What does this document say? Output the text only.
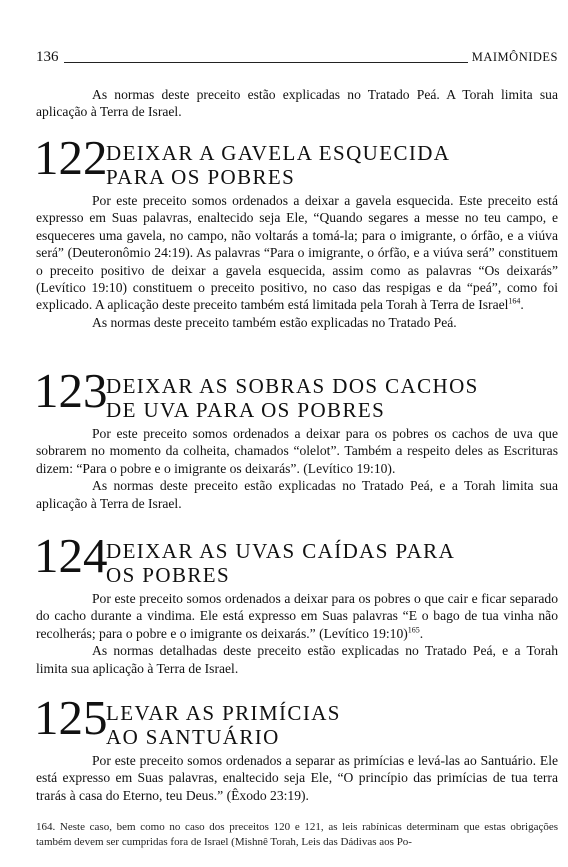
136	MAIMÔNIDES

As normas deste preceito estão explicadas no Tratado Peá. A Torah limita sua aplicação à Terra de Israel.

122
DEIXAR A GAVELA ESQUECIDA
PARA OS POBRES

Por este preceito somos ordenados a deixar a gavela esquecida. Este preceito está expresso em Suas palavras, enaltecido seja Ele, “Quando segares a messe no teu campo, e esqueceres uma gavela, no campo, não voltarás a tomá-la; para o imigrante, o órfão, e a viúva será” (Deuteronômio 24:19). As palavras “Para o imigrante, o órfão, e a viúva será” constituem o preceito positivo de deixar a gavela esquecida, assim como as palavras “Os deixarás” (Levítico 19:10) constituem o preceito positivo, no caso das respigas e da “peá”, como foi explicado. A aplicação deste preceito também está limitada pela Torah à Terra de Israel$^{164}$.

As normas deste preceito também estão explicadas no Tratado Peá.

123
DEIXAR AS SOBRAS DOS CACHOS
DE UVA PARA OS POBRES

Por este preceito somos ordenados a deixar para os pobres os cachos de uva que sobrarem no momento da colheita, chamados “olelot”. Também a respeito deles as Escrituras dizem: “Para o pobre e o imigrante os deixarás”. (Levítico 19:10).

As normas deste preceito estão explicadas no Tratado Peá, e a Torah limita sua aplicação à Terra de Israel.

124
DEIXAR AS UVAS CAÍDAS PARA
OS POBRES

Por este preceito somos ordenados a deixar para os pobres o que cair e ficar separado do cacho durante a vindima. Ele está expresso em Suas palavras “E o bago de tua vinha não recolherás; para o pobre e o imigrante os deixarás.” (Levítico 19:10)$^{165}$.

As normas detalhadas deste preceito estão explicadas no Tratado Peá, e a Torah limita sua aplicação à Terra de Israel.

125
LEVAR AS PRIMÍCIAS
AO SANTUÁRIO

Por este preceito somos ordenados a separar as primícias e levá-las ao Santuário. Ele está expresso em Suas palavras, enaltecido seja Ele, “O princípio das primícias de tua terra trarás à casa do Eterno, teu Deus.” (Êxodo 23:19).

164. Neste caso, bem como no caso dos preceitos 120 e 121, as leis rabínicas determinam que estas obrigações também devem ser cumpridas fora de Israel (Mishnê Torah, Leis das Dádivas aos Po-
